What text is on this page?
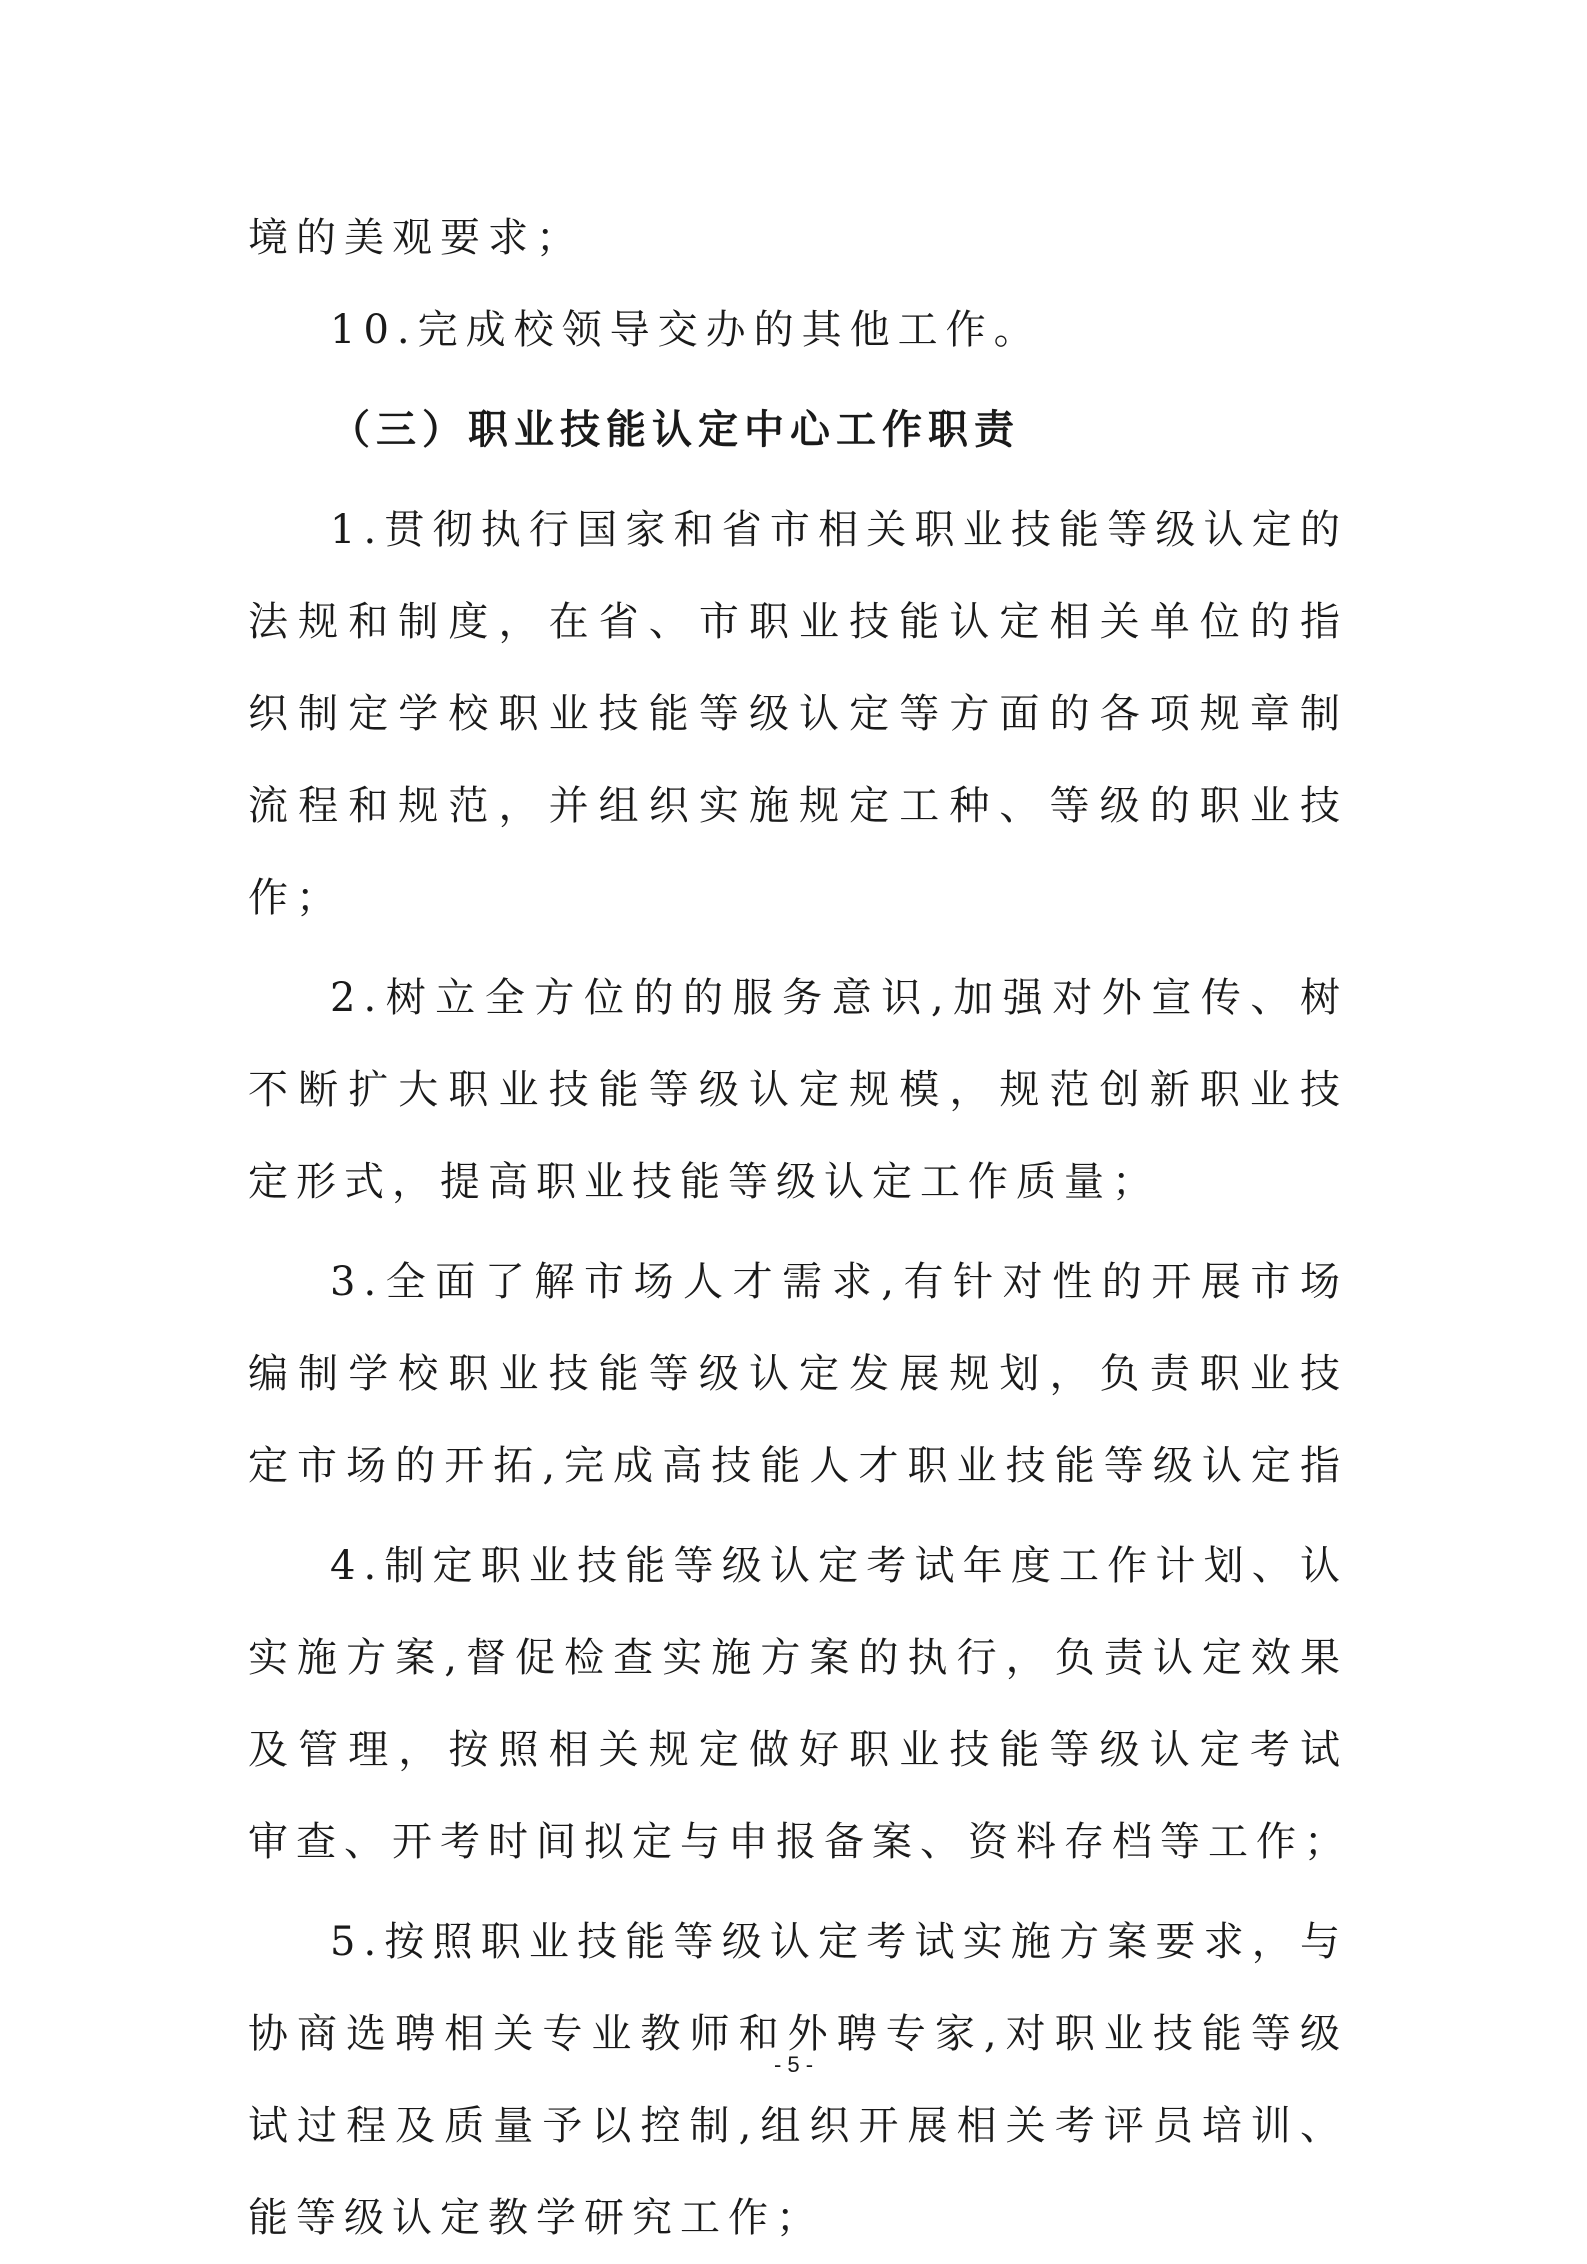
境的美观要求；
10.完成校领导交办的其他工作。
（三）职业技能认定中心工作职责
1.贯彻执行国家和省市相关职业技能等级认定的
法规和制度，在省、市职业技能认定相关单位的指
织制定学校职业技能等级认定等方面的各项规章制
流程和规范，并组织实施规定工种、等级的职业技
作；
2.树立全方位的的服务意识,加强对外宣传、树
不断扩大职业技能等级认定规模，规范创新职业技
定形式，提高职业技能等级认定工作质量；
3.全面了解市场人才需求,有针对性的开展市场
编制学校职业技能等级认定发展规划，负责职业技
定市场的开拓,完成高技能人才职业技能等级认定指
4.制定职业技能等级认定考试年度工作计划、认
实施方案,督促检查实施方案的执行，负责认定效果
及管理，按照相关规定做好职业技能等级认定考试
审查、开考时间拟定与申报备案、资料存档等工作；
5.按照职业技能等级认定考试实施方案要求，与
协商选聘相关专业教师和外聘专家,对职业技能等级
试过程及质量予以控制,组织开展相关考评员培训、
能等级认定教学研究工作；
- 5 -
